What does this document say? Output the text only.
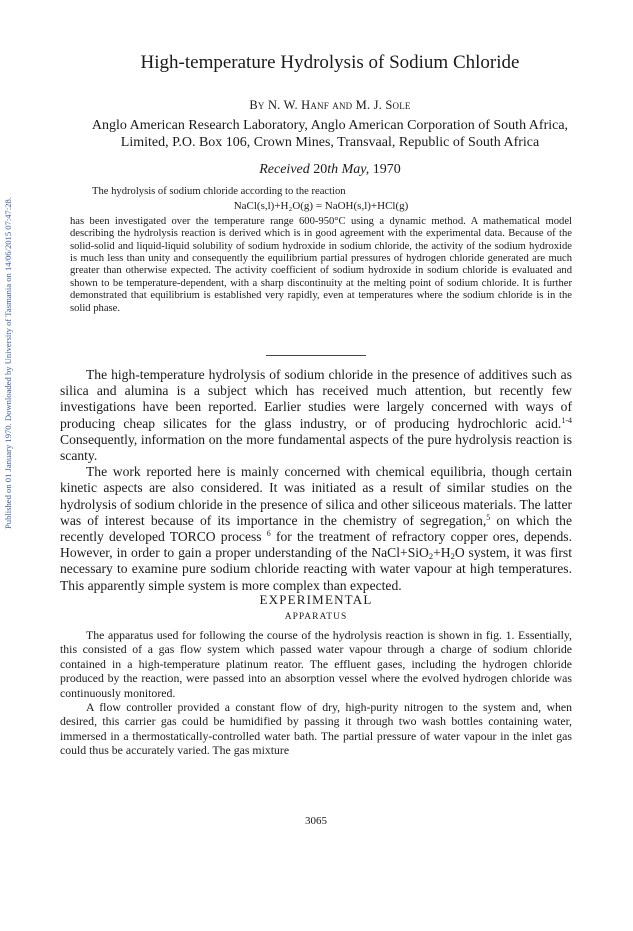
Published on 01 January 1970. Downloaded by University of Tasmania on 14/06/2015 07:47:28.
High-temperature Hydrolysis of Sodium Chloride
By N. W. Hanf and M. J. Sole
Anglo American Research Laboratory, Anglo American Corporation of South Africa,
Limited, P.O. Box 106, Crown Mines, Transvaal, Republic of South Africa
Received 20th May, 1970

The hydrolysis of sodium chloride according to the reaction

NaCl(s,l)+H₂O(g) = NaOH(s,l)+HCl(g)

has been investigated over the temperature range 600-950°C using a dynamic method. A mathematical model describing the hydrolysis reaction is derived which is in good agreement with the experimental data. Because of the solid-solid and liquid-liquid solubility of sodium hydroxide in sodium chloride, the activity of the sodium hydroxide is much less than unity and consequently the equilibrium partial pressures of hydrogen chloride generated are much greater than otherwise expected. The activity coefficient of sodium hydroxide in sodium chloride is evaluated and shown to be temperature-dependent, with a sharp discontinuity at the melting point of sodium chloride. It is further demonstrated that equilibrium is established very rapidly, even at temperatures where the sodium chloride is in the solid phase.

The high-temperature hydrolysis of sodium chloride in the presence of additives such as silica and alumina is a subject which has received much attention, but recently few investigations have been reported. Earlier studies were largely concerned with ways of producing cheap silicates for the glass industry, or of producing hydrochloric acid.$^{1-4}$ Consequently, information on the more fundamental aspects of the pure hydrolysis reaction is scanty.

The work reported here is mainly concerned with chemical equilibria, though certain kinetic aspects are also considered. It was initiated as a result of similar studies on the hydrolysis of sodium chloride in the presence of silica and other siliceous materials. The latter was of interest because of its importance in the chemistry of segregation,$^5$ on which the recently developed TORCO process $^6$ for the treatment of refractory copper ores, depends. However, in order to gain a proper understanding of the $NaCl+SiO_2+H_2O$ system, it was first necessary to examine pure sodium chloride reacting with water vapour at high temperatures. This apparently simple system is more complex than expected.

EXPERIMENTAL
APPARATUS

The apparatus used for following the course of the hydrolysis reaction is shown in fig. 1. Essentially, this consisted of a gas flow system which passed water vapour through a charge of sodium chloride contained in a high-temperature platinum reator. The effluent gases, including the hydrogen chloride produced by the reaction, were passed into an absorption vessel where the evolved hydrogen chloride was continuously monitored.

A flow controller provided a constant flow of dry, high-purity nitrogen to the system and, when desired, this carrier gas could be humidified by passing it through two wash bottles containing water, immersed in a thermostatically-controlled water bath. The partial pressure of water vapour in the inlet gas could thus be accurately varied. The gas mixture

3065
